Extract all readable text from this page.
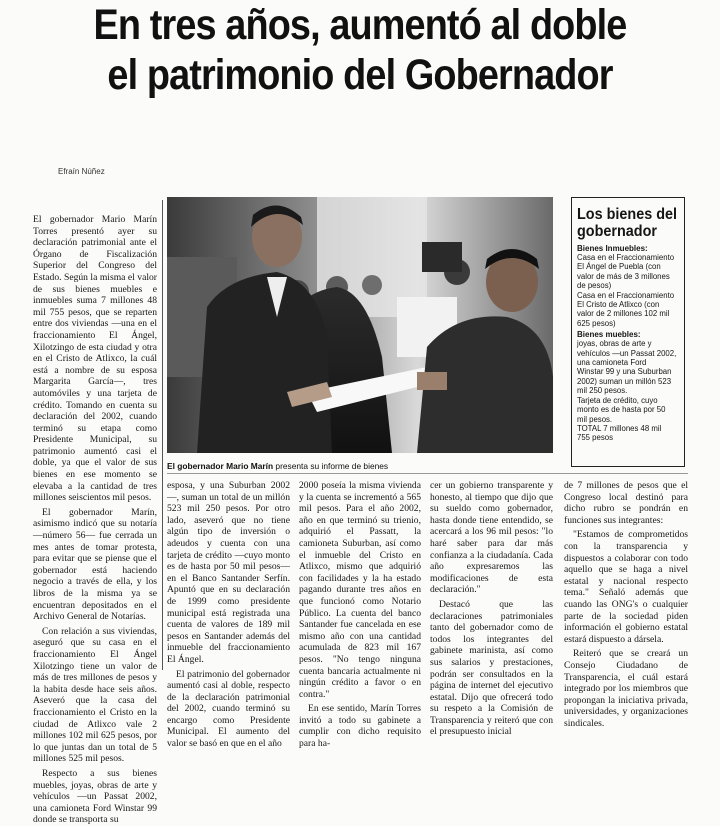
En tres años, aumentó al doble
el patrimonio del Gobernador
Efraín Núñez

El gobernador Mario Marín Torres presentó ayer su declaración patrimonial ante el Órgano de Fiscalización Superior del Congreso del Estado. Según la misma el valor de sus bienes muebles e inmuebles suma 7 millones 48 mil 755 pesos, que se reparten entre dos viviendas —una en el fraccionamiento El Ángel, Xilotzingo de esta ciudad y otra en el Cristo de Atlixco, la cuál está a nombre de su esposa Margarita García—, tres automóviles y una tarjeta de crédito. Tomando en cuenta su declaración del 2002, cuando terminó su etapa como Presidente Municipal, su patrimonio aumentó casi el doble, ya que el valor de sus bienes en ese momento se elevaba a la cantidad de tres millones seiscientos mil pesos.

El gobernador Marín, asimismo indicó que su notaría —número 56— fue cerrada un mes antes de tomar protesta, para evitar que se piense que el gobernador está haciendo negocio a través de ella, y los libros de la misma ya se encuentran depositados en el Archivo General de Notarías.

Con relación a sus viviendas, aseguró que su casa en el fraccionamiento El Ángel Xilotzingo tiene un valor de más de tres millones de pesos y la habita desde hace seis años. Aseveró que la casa del fraccionamiento el Cristo en la ciudad de Atlixco vale 2 millones 102 mil 625 pesos, por lo que juntas dan un total de 5 millones 525 mil pesos.

Respecto a sus bienes muebles, joyas, obras de arte y vehículos —un Passat 2002, una camioneta Ford Winstar 99 donde se transporta su

El gobernador Mario Marín presenta su informe de bienes
Los bienes del
gobernador
Bienes Inmuebles:
Casa en el Fraccionamiento
El Ángel de Puebla (con
valor de más de 3 millones
de pesos)
Casa en el Fraccionamiento
El Cristo de Atlixco (con
valor de 2 millones 102 mil
625 pesos)
Bienes muebles:
joyas, obras de arte y
vehículos —un Passat 2002,
una camioneta Ford
Winstar 99 y una Suburban
2002) suman un millón 523
mil 250 pesos.
Tarjeta de crédito, cuyo
monto es de hasta por 50
mil pesos.
TOTAL 7 millones 48 mil
755 pesos

esposa, y una Suburban 2002—, suman un total de un millón 523 mil 250 pesos. Por otro lado, aseveró que no tiene algún tipo de inversión o adeudos y cuenta con una tarjeta de crédito —cuyo monto es de hasta por 50 mil pesos— en el Banco Santander Serfín. Apuntó que en su declaración de 1999 como presidente municipal está registrada una cuenta de valores de 189 mil pesos en Santander además del inmueble del fraccionamiento El Ángel.

El patrimonio del gobernador aumentó casi al doble, respecto de la declaración patrimonial del 2002, cuando terminó su encargo como Presidente Municipal. El aumento del valor se basó en que en el año

2000 poseía la misma vivienda y la cuenta se incrementó a 565 mil pesos. Para el año 2002, año en que terminó su trienio, adquirió el Passatt, la camioneta Suburban, así como el inmueble del Cristo en Atlixco, mismo que adquirió con facilidades y la ha estado pagando durante tres años en que funcionó como Notario Público. La cuenta del banco Santander fue cancelada en ese mismo año con una cantidad acumulada de 823 mil 167 pesos. "No tengo ninguna cuenta bancaria actualmente ni ningún crédito a favor o en contra."

En ese sentido, Marín Torres invitó a todo su gabinete a cumplir con dicho requisito para ha-

cer un gobierno transparente y honesto, al tiempo que dijo que su sueldo como gobernador, hasta donde tiene entendido, se acercará a los 96 mil pesos: "lo haré saber para dar más confianza a la ciudadanía. Cada año expresaremos las modificaciones de esta declaración."

Destacó que las declaraciones patrimoniales tanto del gobernador como de todos los integrantes del gabinete marinista, así como sus salarios y prestaciones, podrán ser consultados en la página de internet del ejecutivo estatal. Dijo que ofrecerá todo su respeto a la Comisión de Transparencia y reiteró que con el presupuesto inicial

de 7 millones de pesos que el Congreso local destinó para dicho rubro se pondrán en funciones sus integrantes:

"Estamos de comprometidos con la transparencia y dispuestos a colaborar con todo aquello que se haga a nivel estatal y nacional respecto tema." Señaló además que cuando las ONG's o cualquier parte de la sociedad piden información el gobierno estatal estará dispuesto a dársela.

Reiteró que se creará un Consejo Ciudadano de Transparencia, el cuál estará integrado por los miembros que propongan la iniciativa privada, universidades, y organizaciones sindicales.
